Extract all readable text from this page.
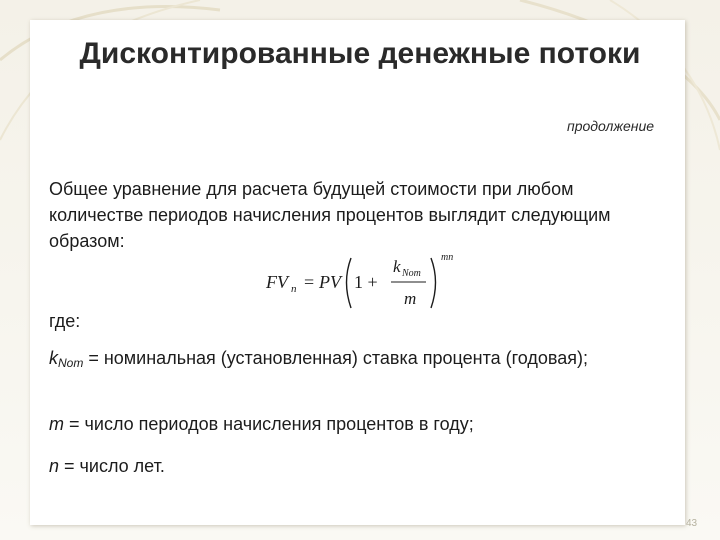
Дисконтированные денежные потоки
продолжение

Общее уравнение для расчета будущей стоимости при любом количестве периодов начисления процентов выглядит следующим образом:

FV n = PV 1 +
k Nom
m
mn

где:

$k_{Nom}$ = номинальная (установленная) ставка процента (годовая);

m = число периодов начисления процентов в году;

n = число лет.

43
